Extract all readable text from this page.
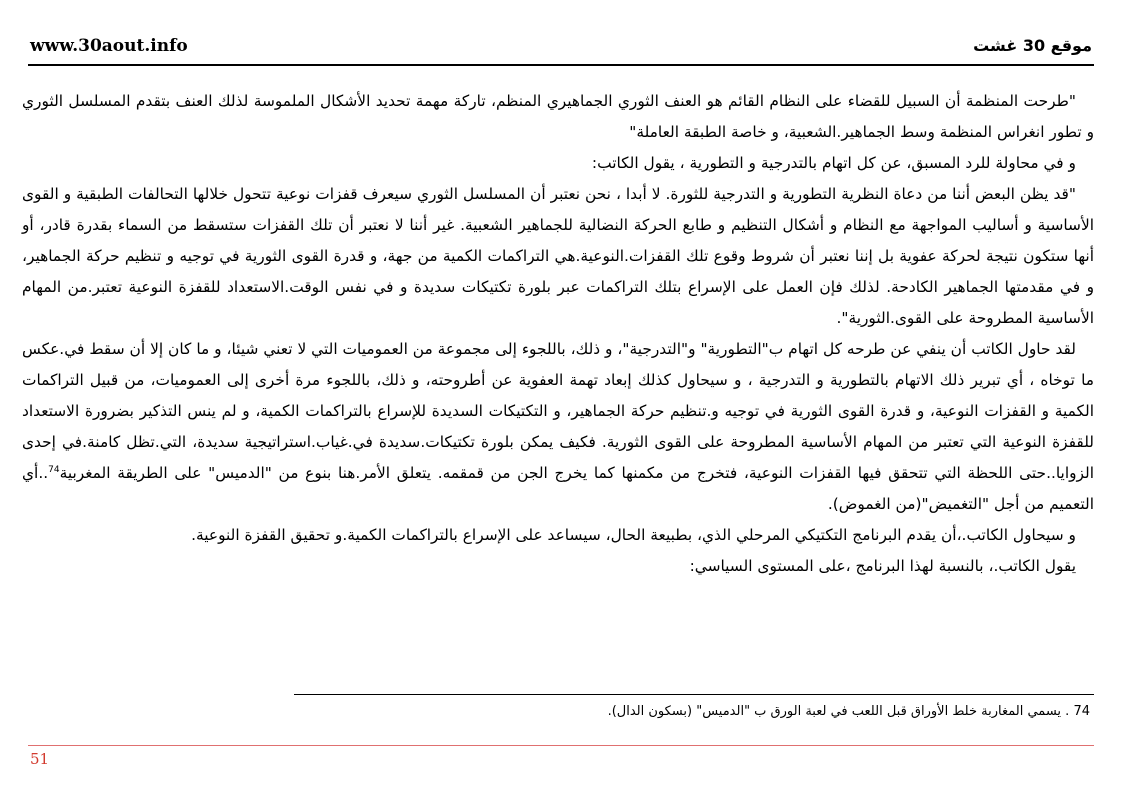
www.30aout.info	موقع 30 غشت

"طرحت المنظمة أن السبيل للقضاء على النظام القائم هو العنف الثوري الجماهيري المنظم، تاركة مهمة تحديد الأشكال الملموسة لذلك العنف بتقدم المسلسل الثوري و تطور انغراس المنظمة وسط الجماهير.الشعبية، و خاصة الطبقة العاملة"

و في محاولة للرد المسبق، عن كل اتهام بالتدرجية و التطورية ، يقول الكاتب:

"قد يظن البعض أننا من دعاة النظرية التطورية و التدرجية للثورة. لا أبدا ، نحن نعتبر أن المسلسل الثوري سيعرف قفزات نوعية تتحول خلالها التحالفات الطبقية و القوى الأساسية و أساليب المواجهة مع النظام و أشكال التنظيم و طابع الحركة النضالية للجماهير الشعبية. غير أننا لا نعتبر أن تلك القفزات ستسقط من السماء بقدرة قادر، أو أنها ستكون نتيجة لحركة عفوية بل إننا نعتبر أن شروط وقوع تلك القفزات.النوعية.هي التراكمات الكمية من جهة، و قدرة القوى الثورية في توجيه و تنظيم حركة الجماهير، و في مقدمتها الجماهير الكادحة. لذلك فإن العمل على الإسراع بتلك التراكمات عبر بلورة تكتيكات سديدة و في نفس الوقت.الاستعداد للقفزة النوعية تعتبر.من المهام الأساسية المطروحة على القوى.الثورية".

لقد حاول الكاتب أن ينفي عن طرحه كل اتهام ب"التطورية" و"التدرجية"، و ذلك، باللجوء إلى مجموعة من العموميات التي لا تعني شيئا، و ما كان إلا أن سقط في.عكس ما توخاه ، أي تبرير ذلك الاتهام بالتطورية و التدرجية ، و سيحاول كذلك إبعاد تهمة العفوية عن أطروحته، و ذلك، باللجوء مرة أخرى إلى العموميات، من قبيل التراكمات الكمية و القفزات النوعية، و قدرة القوى الثورية في توجيه و.تنظيم حركة الجماهير، و التكتيكات السديدة للإسراع بالتراكمات الكمية، و لم ينس التذكير بضرورة الاستعداد للقفزة النوعية التي تعتبر من المهام الأساسية المطروحة على القوى الثورية. فكيف يمكن بلورة تكتيكات.سديدة في.غياب.استراتيجية سديدة، التي.تظل كامنة.في إحدى الزوايا..حتى اللحظة التي تتحقق فيها القفزات النوعية، فتخرج من مكمنها كما يخرج الجن من قمقمه. يتعلق الأمر.هنا بنوع من "الدميس" على الطريقة المغربية$^{74}$..أي التعميم من أجل "التغميض"(من الغموض).

و سيحاول الكاتب.،أن يقدم البرنامج التكتيكي المرحلي الذي، بطبيعة الحال، سيساعد على الإسراع بالتراكمات الكمية.و تحقيق القفزة النوعية.

يقول الكاتب.، بالنسبة لهذا البرنامج ،على المستوى السياسي:

74 . يسمي المغاربة خلط الأوراق قبل اللعب في لعبة الورق ب "الدميس" (بسكون الدال).
51
